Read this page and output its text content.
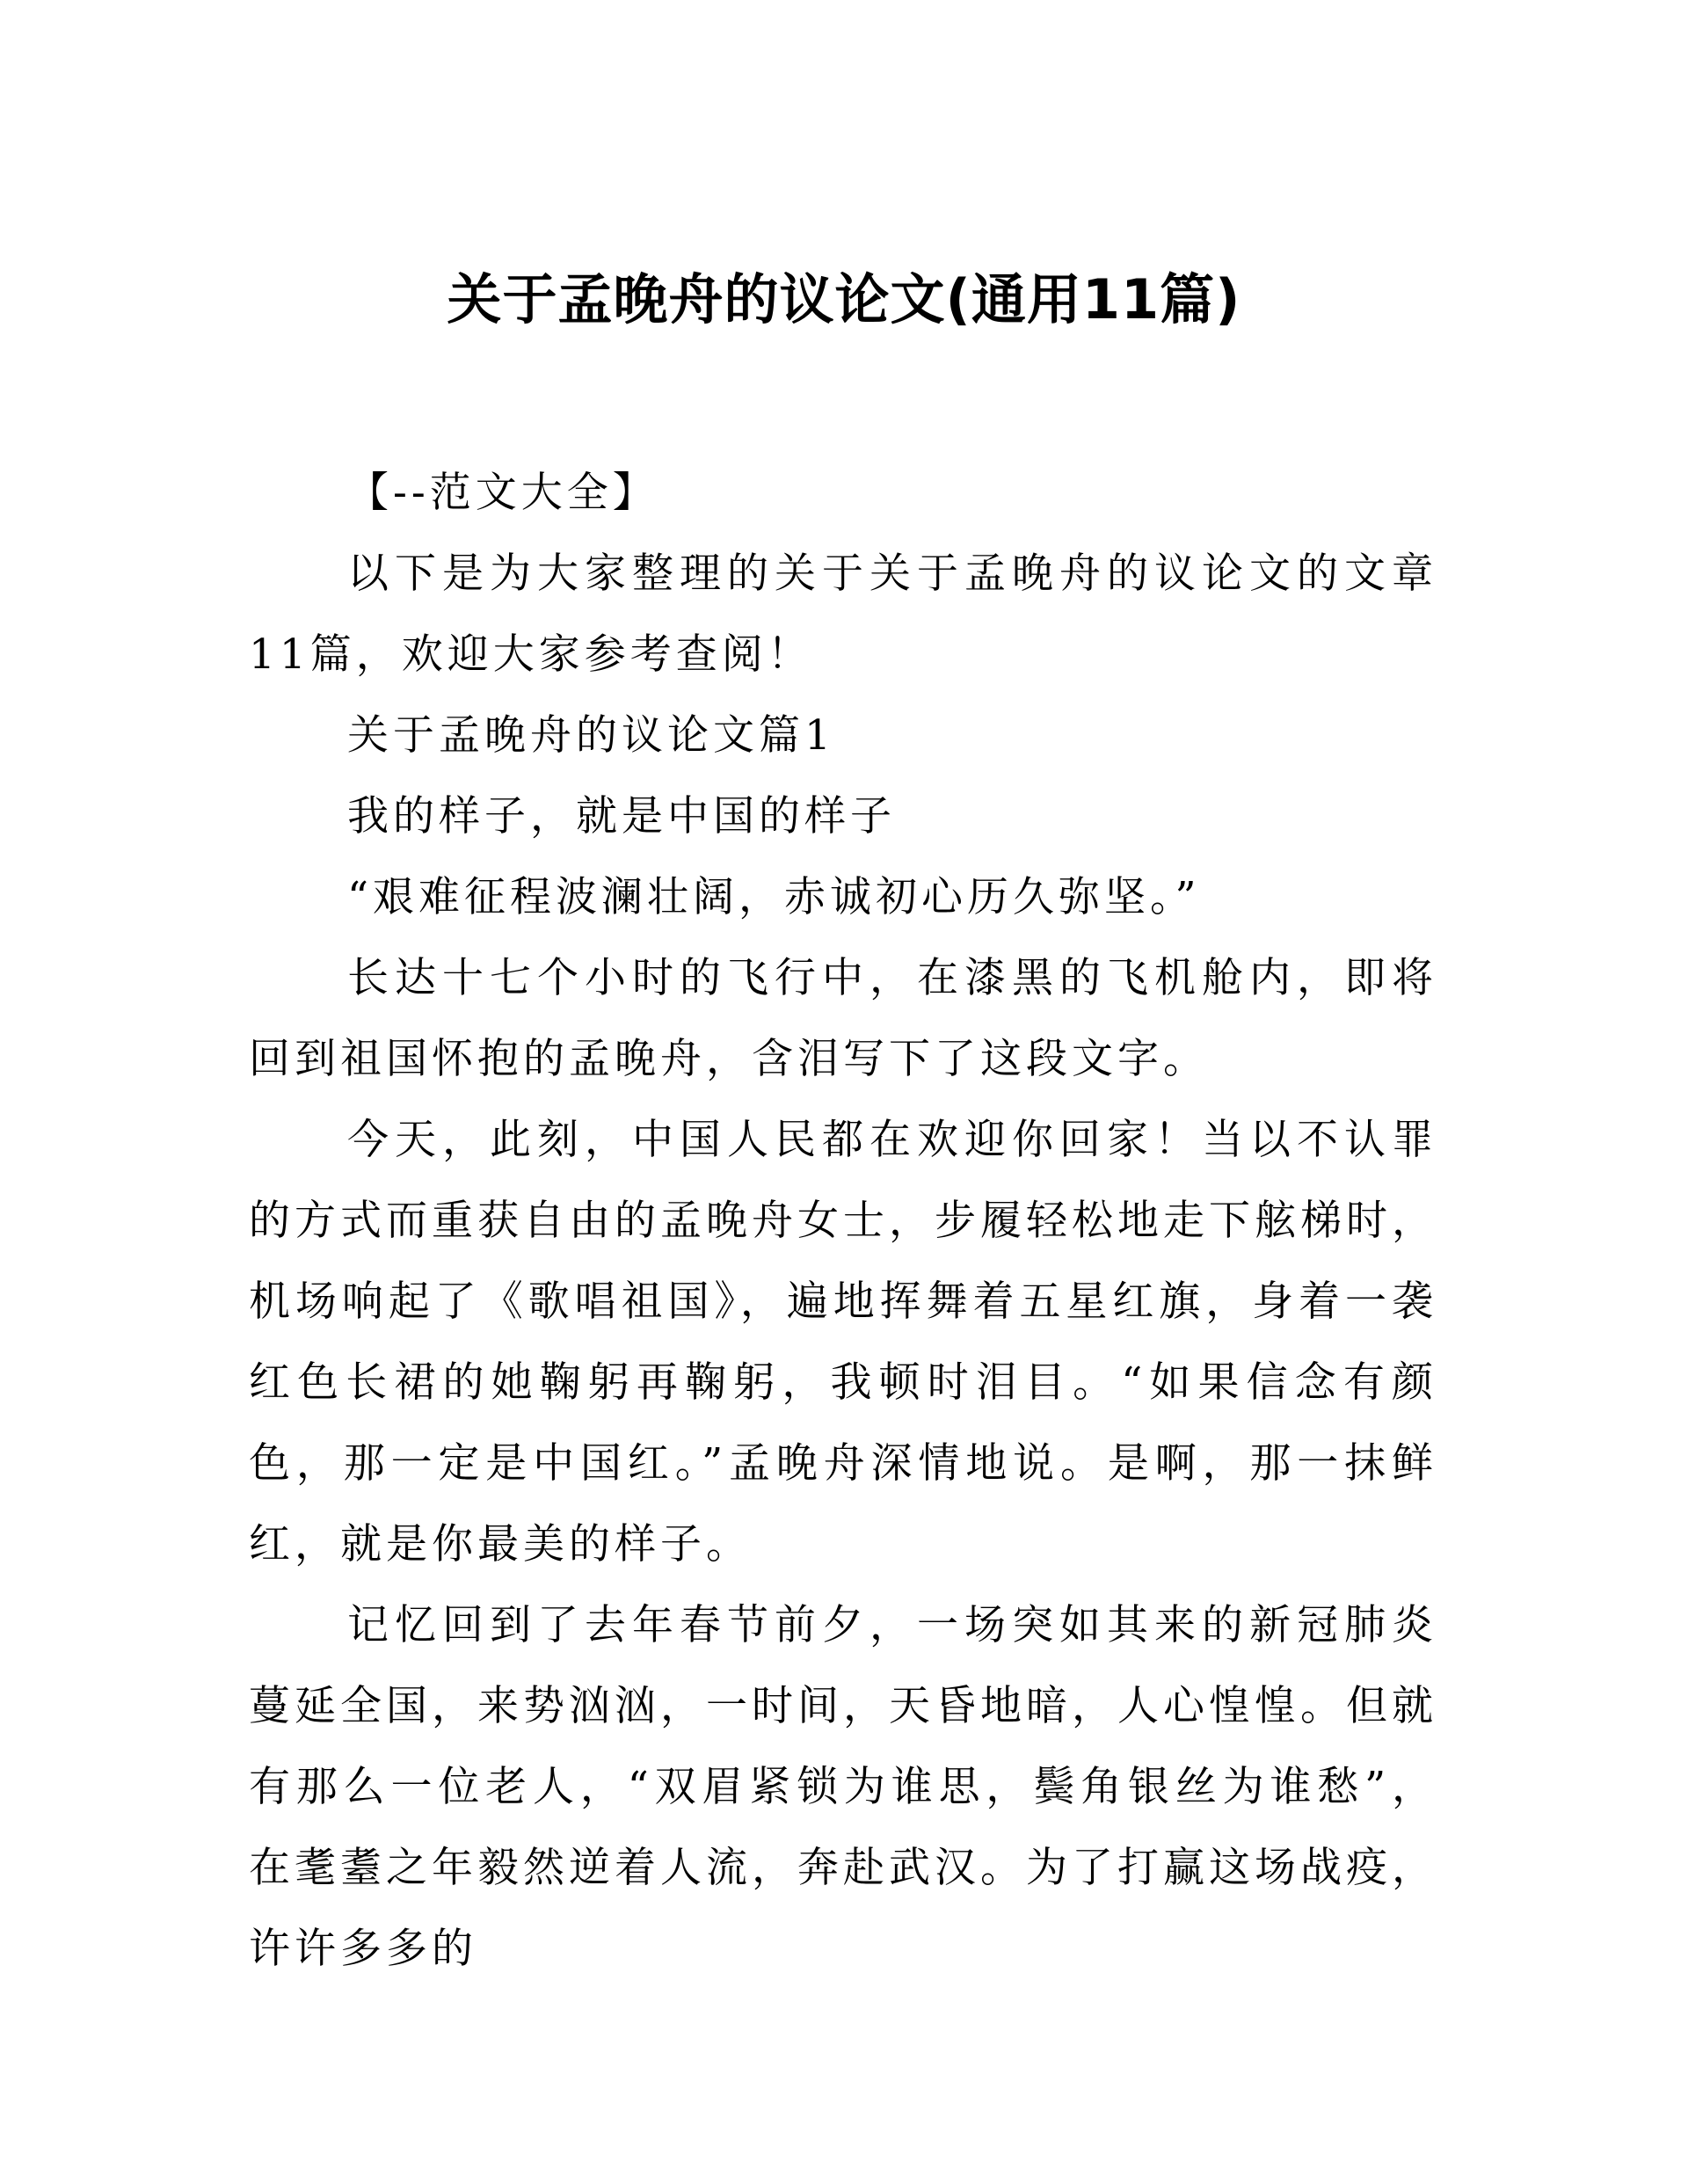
关于孟晚舟的议论文(通用11篇)

【--范文大全】

以下是为大家整理的关于关于孟晚舟的议论文的文章11篇，欢迎大家参考查阅！

关于孟晚舟的议论文篇1

我的样子，就是中国的样子

“艰难征程波澜壮阔，赤诚初心历久弥坚。”

长达十七个小时的飞行中，在漆黑的飞机舱内，即将回到祖国怀抱的孟晚舟，含泪写下了这段文字。

今天，此刻，中国人民都在欢迎你回家！当以不认罪的方式而重获自由的孟晚舟女士，步履轻松地走下舷梯时，机场响起了《歌唱祖国》，遍地挥舞着五星红旗，身着一袭红色长裙的她鞠躬再鞠躬，我顿时泪目。“如果信念有颜色，那一定是中国红。”孟晚舟深情地说。是啊，那一抹鲜红，就是你最美的样子。

记忆回到了去年春节前夕，一场突如其来的新冠肺炎蔓延全国，来势汹汹，一时间，天昏地暗，人心惶惶。但就有那么一位老人，“双眉紧锁为谁思，鬓角银丝为谁愁”，在耄耋之年毅然逆着人流，奔赴武汉。为了打赢这场战疫，许许多多的
